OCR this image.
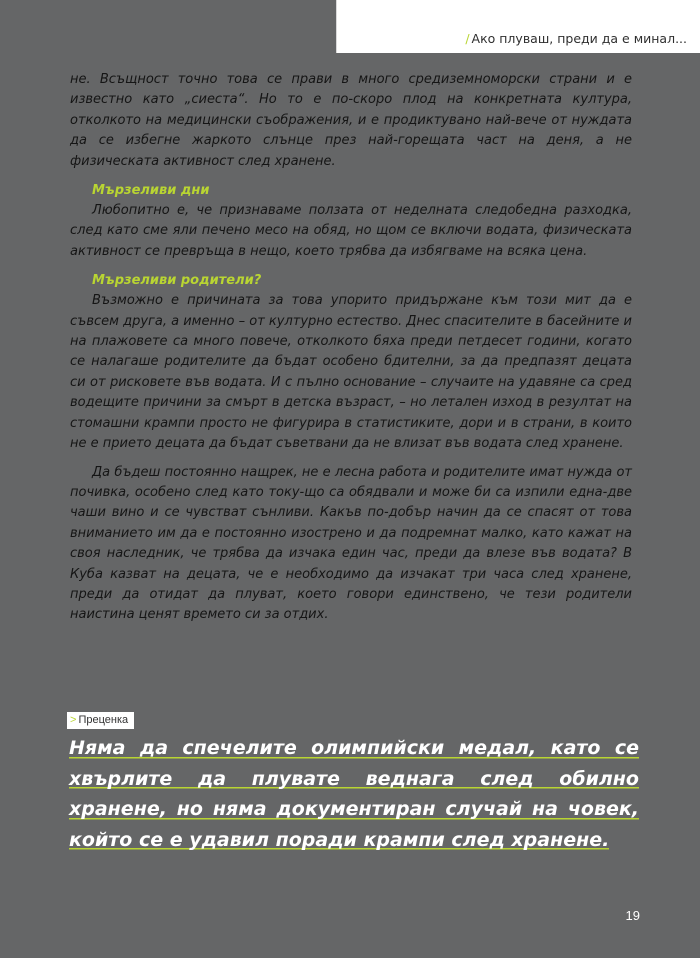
/ Ако плуваш, преди да е минал...

не. Всъщност точно това се прави в много средиземноморски страни и е известно като „сиеста“. Но то е по-скоро плод на конкретната култура, отколкото на медицински съображения, и е продиктувано най-вече от нуждата да се избегне жаркото слънце през най-горещата част на деня, а не физическата активност след хранене.

Мързеливи дни

Любопитно е, че признаваме ползата от неделната следобедна разходка, след като сме яли печено месо на обяд, но щом се включи водата, физическата активност се превръща в нещо, което трябва да избягваме на всяка цена.

Мързеливи родители?

Възможно е причината за това упорито придържане към този мит да е съвсем друга, а именно – от културно естество. Днес спасителите в басейните и на плажовете са много повече, отколкото бяха преди петдесет години, когато се налагаше родителите да бъдат особено бдителни, за да предпазят децата си от рисковете във водата. И с пълно основание – случаите на удавяне са сред водещите причини за смърт в детска възраст, – но летален изход в резултат на стомашни крампи просто не фигурира в статистиките, дори и в страни, в които не е прието децата да бъдат съветвани да не влизат във водата след хранене.

Да бъдеш постоянно нащрек, не е лесна работа и родителите имат нужда от почивка, особено след като току-що са обядвали и може би са изпили една-две чаши вино и се чувстват сънливи. Какъв по-добър начин да се спасят от това вниманието им да е постоянно изострено и да подремнат малко, като кажат на своя наследник, че трябва да изчака един час, преди да влезе във водата? В Куба казват на децата, че е необходимо да изчакат три часа след хранене, преди да отидат да плуват, което говори единствено, че тези родители наистина ценят времето си за отдих.

> Преценка
Няма да спечелите олимпийски медал, като се хвърлите да плувате веднага след обилно хранене, но няма документиран случай на човек, който се е удавил поради крампи след хранене.
19
